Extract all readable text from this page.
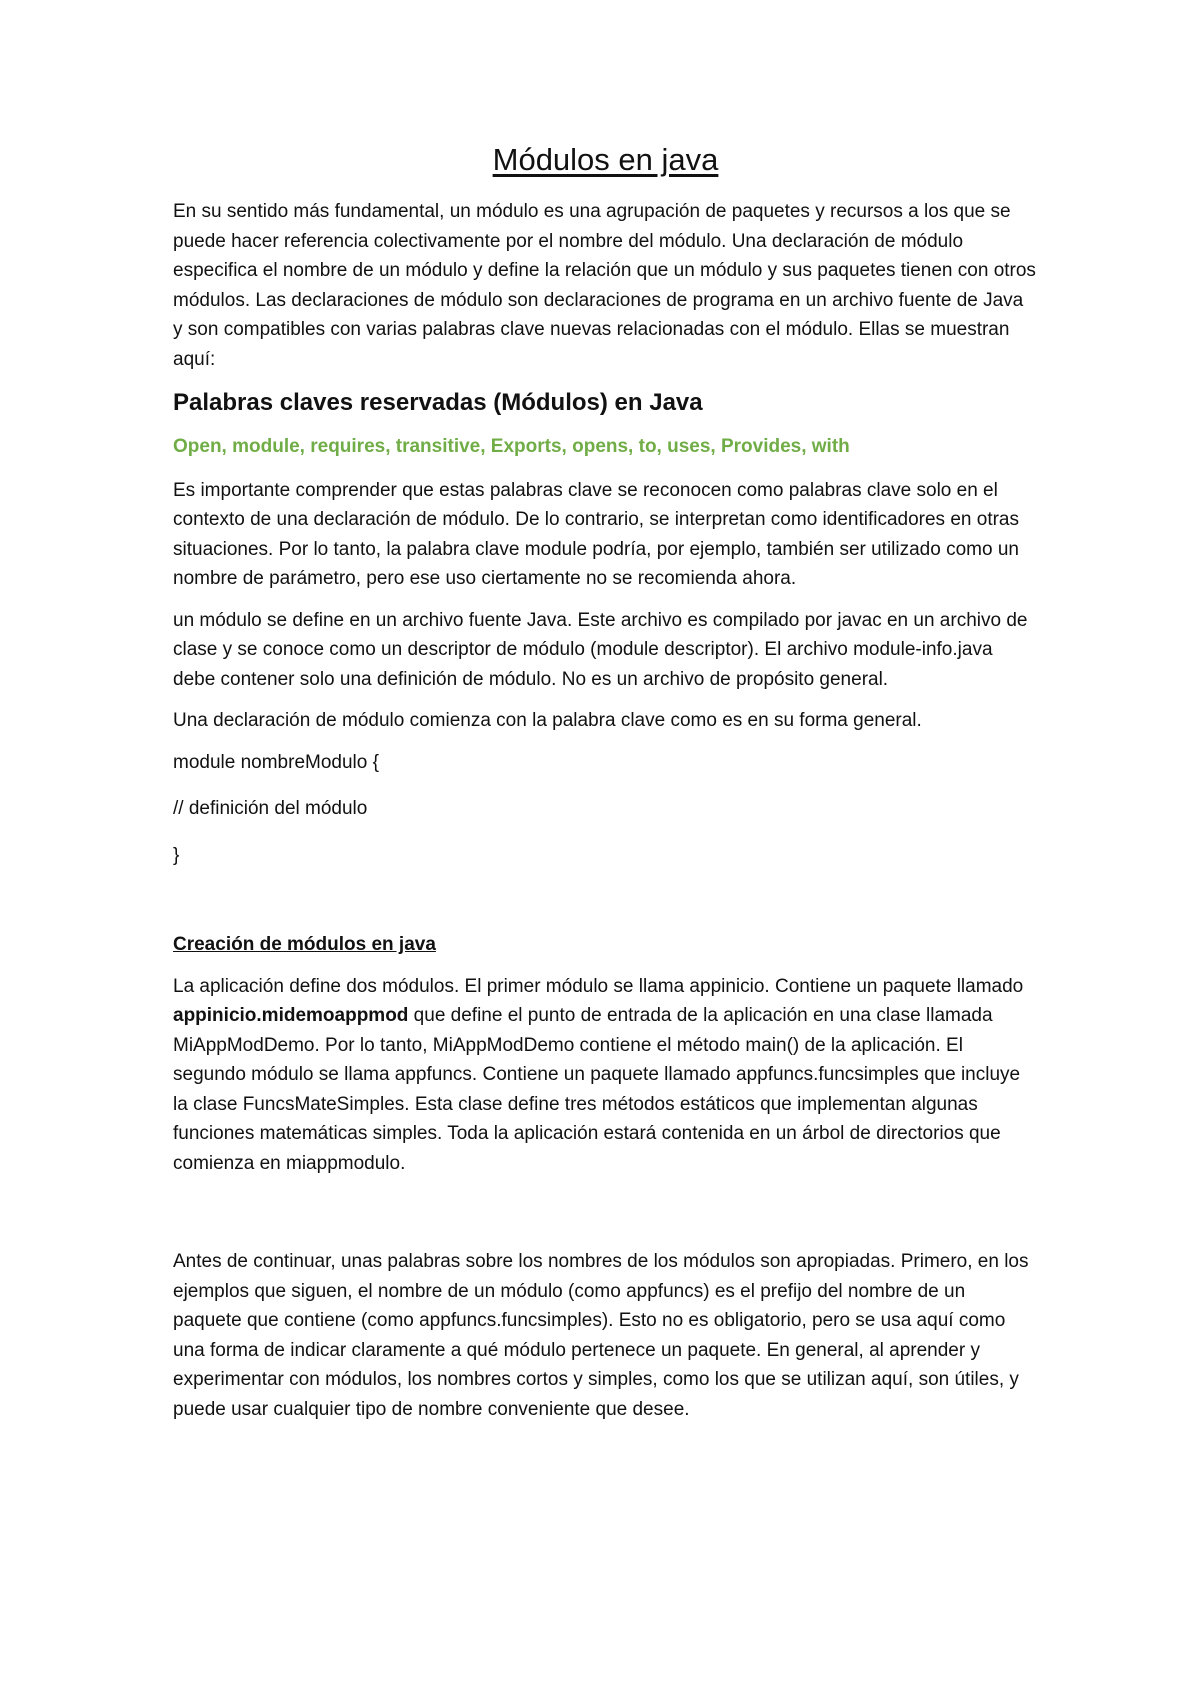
Módulos en java

En su sentido más fundamental, un módulo es una agrupación de paquetes y recursos a los que se puede hacer referencia colectivamente por el nombre del módulo. Una declaración de módulo especifica el nombre de un módulo y define la relación que un módulo y sus paquetes tienen con otros módulos. Las declaraciones de módulo son declaraciones de programa en un archivo fuente de Java y son compatibles con varias palabras clave nuevas relacionadas con el módulo. Ellas se muestran aquí:

Palabras claves reservadas (Módulos) en Java
Open, module, requires, transitive, Exports, opens, to, uses, Provides, with

Es importante comprender que estas palabras clave se reconocen como palabras clave solo en el contexto de una declaración de módulo. De lo contrario, se interpretan como identificadores en otras situaciones. Por lo tanto, la palabra clave module podría, por ejemplo, también ser utilizado como un nombre de parámetro, pero ese uso ciertamente no se recomienda ahora.

un módulo se define en un archivo fuente Java. Este archivo es compilado por javac en un archivo de clase y se conoce como un descriptor de módulo (module descriptor). El archivo module-info.java debe contener solo una definición de módulo. No es un archivo de propósito general.

Una declaración de módulo comienza con la palabra clave como es en su forma general.

module nombreModulo {
// definición del módulo
}
Creación de módulos en java

La aplicación define dos módulos. El primer módulo se llama appinicio. Contiene un paquete llamado appinicio.midemoappmod que define el punto de entrada de la aplicación en una clase llamada MiAppModDemo. Por lo tanto, MiAppModDemo contiene el método main() de la aplicación. El segundo módulo se llama appfuncs. Contiene un paquete llamado appfuncs.funcsimples que incluye la clase FuncsMateSimples. Esta clase define tres métodos estáticos que implementan algunas funciones matemáticas simples. Toda la aplicación estará contenida en un árbol de directorios que comienza en miappmodulo.

Antes de continuar, unas palabras sobre los nombres de los módulos son apropiadas. Primero, en los ejemplos que siguen, el nombre de un módulo (como appfuncs) es el prefijo del nombre de un paquete que contiene (como appfuncs.funcsimples). Esto no es obligatorio, pero se usa aquí como una forma de indicar claramente a qué módulo pertenece un paquete. En general, al aprender y experimentar con módulos, los nombres cortos y simples, como los que se utilizan aquí, son útiles, y puede usar cualquier tipo de nombre conveniente que desee.
